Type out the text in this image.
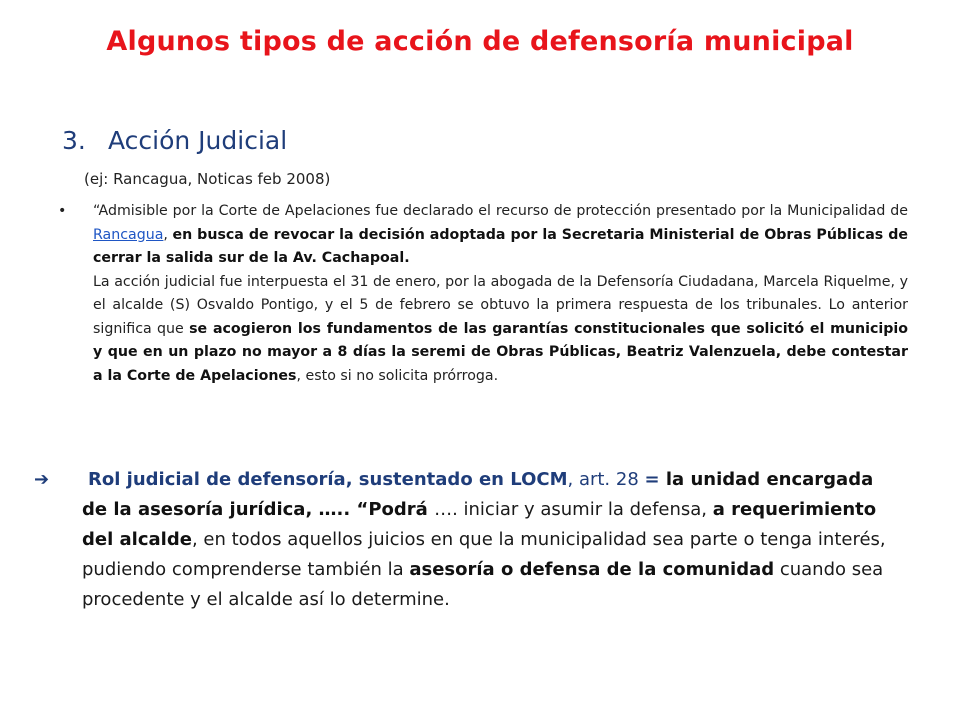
Algunos tipos de acción de defensoría municipal
3. Acción Judicial
(ej: Rancagua, Noticas feb 2008)
• “Admisible por la Corte de Apelaciones fue declarado el recurso de protección presentado por la Municipalidad de Rancagua, en busca de revocar la decisión adoptada por la Secretaria Ministerial de Obras Públicas de cerrar la salida sur de la Av. Cachapoal.
La acción judicial fue interpuesta el 31 de enero, por la abogada de la Defensoría Ciudadana, Marcela Riquelme, y el alcalde (S) Osvaldo Pontigo, y el 5 de febrero se obtuvo la primera respuesta de los tribunales. Lo anterior significa que se acogieron los fundamentos de las garantías constitucionales que solicitó el municipio y que en un plazo no mayor a 8 días la seremi de Obras Públicas, Beatriz Valenzuela, debe contestar a la Corte de Apelaciones, esto si no solicita prórroga.
➔ Rol judicial de defensoría, sustentado en LOCM, art. 28 = la unidad encargada de la asesoría jurídica, ….. “Podrá …. iniciar y asumir la defensa, a requerimiento del alcalde, en todos aquellos juicios en que la municipalidad sea parte o tenga interés, pudiendo comprenderse también la asesoría o defensa de la comunidad cuando sea procedente y el alcalde así lo determine.
